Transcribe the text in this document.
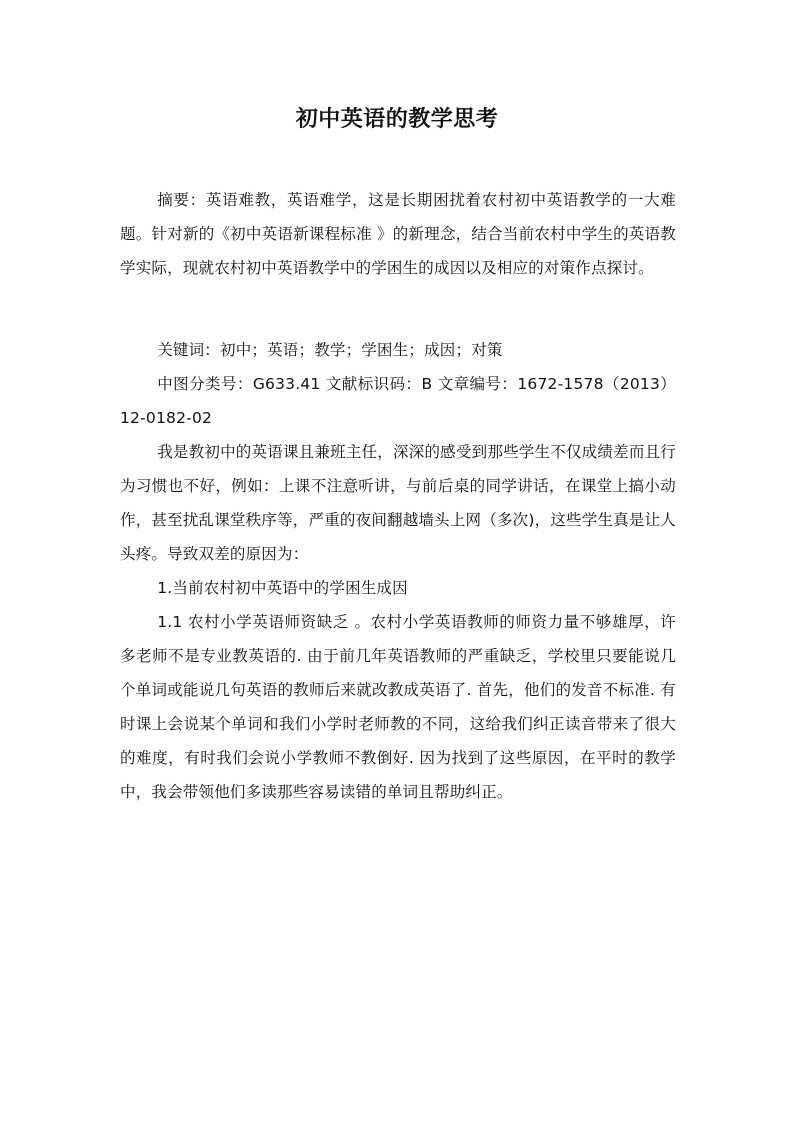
初中英语的教学思考

摘要：英语难教，英语难学，这是长期困扰着农村初中英语教学的一大难题。针对新的《初中英语新课程标准 》的新理念，结合当前农村中学生的英语教学实际，现就农村初中英语教学中的学困生的成因以及相应的对策作点探讨。

关键词：初中；英语；教学；学困生；成因；对策

中图分类号：G633.41 文献标识码：B 文章编号：1672-1578（2013）12-0182-02

我是教初中的英语课且兼班主任，深深的感受到那些学生不仅成绩差而且行为习惯也不好，例如：上课不注意听讲，与前后桌的同学讲话，在课堂上搞小动作，甚至扰乱课堂秩序等，严重的夜间翻越墙头上网（多次)，这些学生真是让人头疼。导致双差的原因为：

1.当前农村初中英语中的学困生成因

1.1 农村小学英语师资缺乏 。农村小学英语教师的师资力量不够雄厚，许多老师不是专业教英语的. 由于前几年英语教师的严重缺乏，学校里只要能说几个单词或能说几句英语的教师后来就改教成英语了. 首先，他们的发音不标准. 有时课上会说某个单词和我们小学时老师教的不同，这给我们纠正读音带来了很大的难度，有时我们会说小学教师不教倒好. 因为找到了这些原因，在平时的教学中，我会带领他们多读那些容易读错的单词且帮助纠正。
